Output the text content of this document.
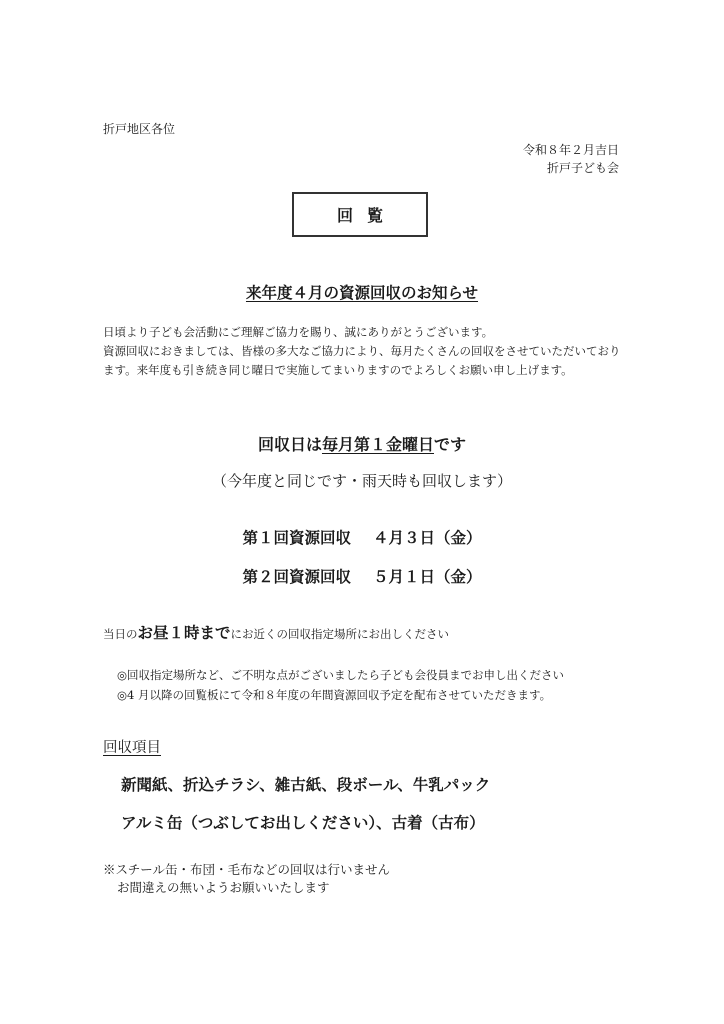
折戸地区各位
令和８年２月吉日
折戸子ども会
回覧
来年度４月の資源回収のお知らせ

日頃より子ども会活動にご理解ご協力を賜り、誠にありがとうございます。

資源回収におきましては、皆様の多大なご協力により、毎月たくさんの回収をさせていただいております。来年度も引き続き同じ曜日で実施してまいりますのでよろしくお願い申し上げます。

回収日は毎月第１金曜日です
（今年度と同じです・雨天時も回収します）
第１回資源回収 ４月３日（金）
第２回資源回収 ５月１日（金）
当日のお昼１時までにお近くの回収指定場所にお出しください
◎回収指定場所など、ご不明な点がございましたら子ども会役員までお申し出ください
◎4 月以降の回覧板にて令和８年度の年間資源回収予定を配布させていただきます。
回収項目
新聞紙、折込チラシ、雑古紙、段ボール、牛乳パック
アルミ缶（つぶしてお出しください）、古着（古布）
※スチール缶・布団・毛布などの回収は行いません
お間違えの無いようお願いいたします
